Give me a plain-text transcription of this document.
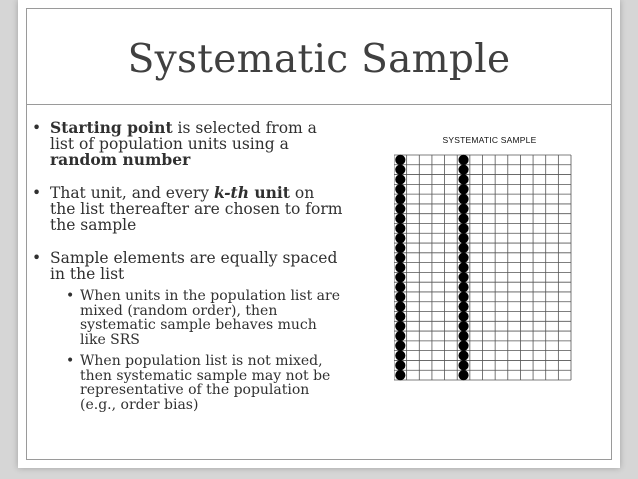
Systematic Sample
• Starting point is selected from a list of population units using a random number
• That unit, and every k-th unit on the list thereafter are chosen to form the sample
• Sample elements are equally spaced in the list
• When units in the population list are mixed (random order), then systematic sample behaves much like SRS
• When population list is not mixed, then systematic sample may not be representative of the population (e.g., order bias)
SYSTEMATIC SAMPLE
